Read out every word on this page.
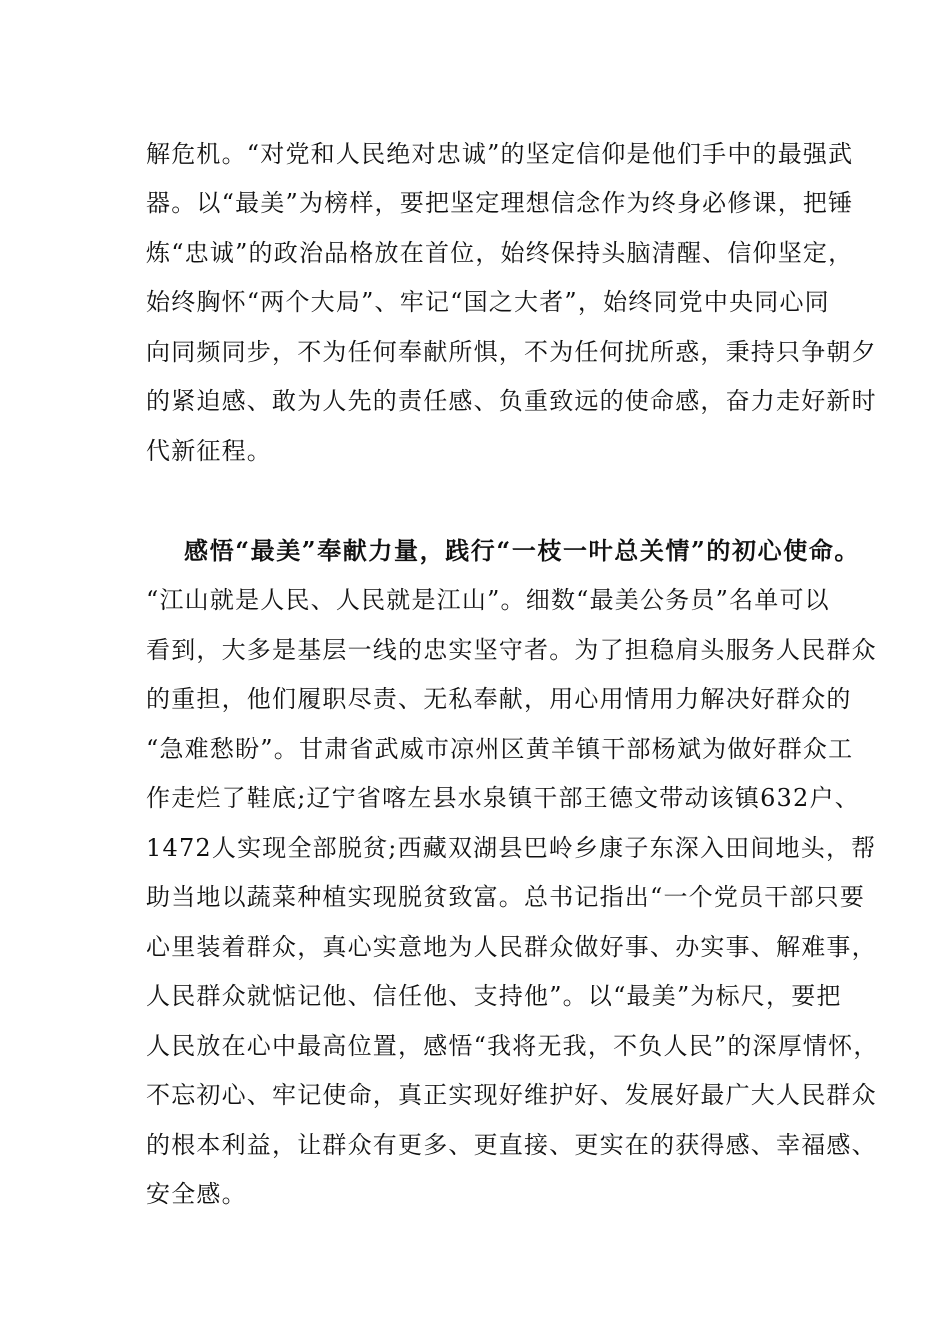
解危机。“对党和人民绝对忠诚”的坚定信仰是他们手中的最强武
器。以“最美”为榜样，要把坚定理想信念作为终身必修课，把锤
炼“忠诚”的政治品格放在首位，始终保持头脑清醒、信仰坚定，
始终胸怀“两个大局”、牢记“国之大者”，始终同党中央同心同
向同频同步，不为任何奉献所惧，不为任何扰所惑，秉持只争朝夕
的紧迫感、敢为人先的责任感、负重致远的使命感，奋力走好新时
代新征程。
感悟“最美”奉献力量，践行“一枝一叶总关情”的初心使命。
“江山就是人民、人民就是江山”。细数“最美公务员”名单可以
看到，大多是基层一线的忠实坚守者。为了担稳肩头服务人民群众
的重担，他们履职尽责、无私奉献，用心用情用力解决好群众的
“急难愁盼”。甘肃省武威市凉州区黄羊镇干部杨斌为做好群众工
作走烂了鞋底;辽宁省喀左县水泉镇干部王德文带动该镇632户、
1472人实现全部脱贫;西藏双湖县巴岭乡康子东深入田间地头，帮
助当地以蔬菜种植实现脱贫致富。总书记指出“一个党员干部只要
心里装着群众，真心实意地为人民群众做好事、办实事、解难事，
人民群众就惦记他、信任他、支持他”。以“最美”为标尺，要把
人民放在心中最高位置，感悟“我将无我，不负人民”的深厚情怀，
不忘初心、牢记使命，真正实现好维护好、发展好最广大人民群众
的根本利益，让群众有更多、更直接、更实在的获得感、幸福感、
安全感。
